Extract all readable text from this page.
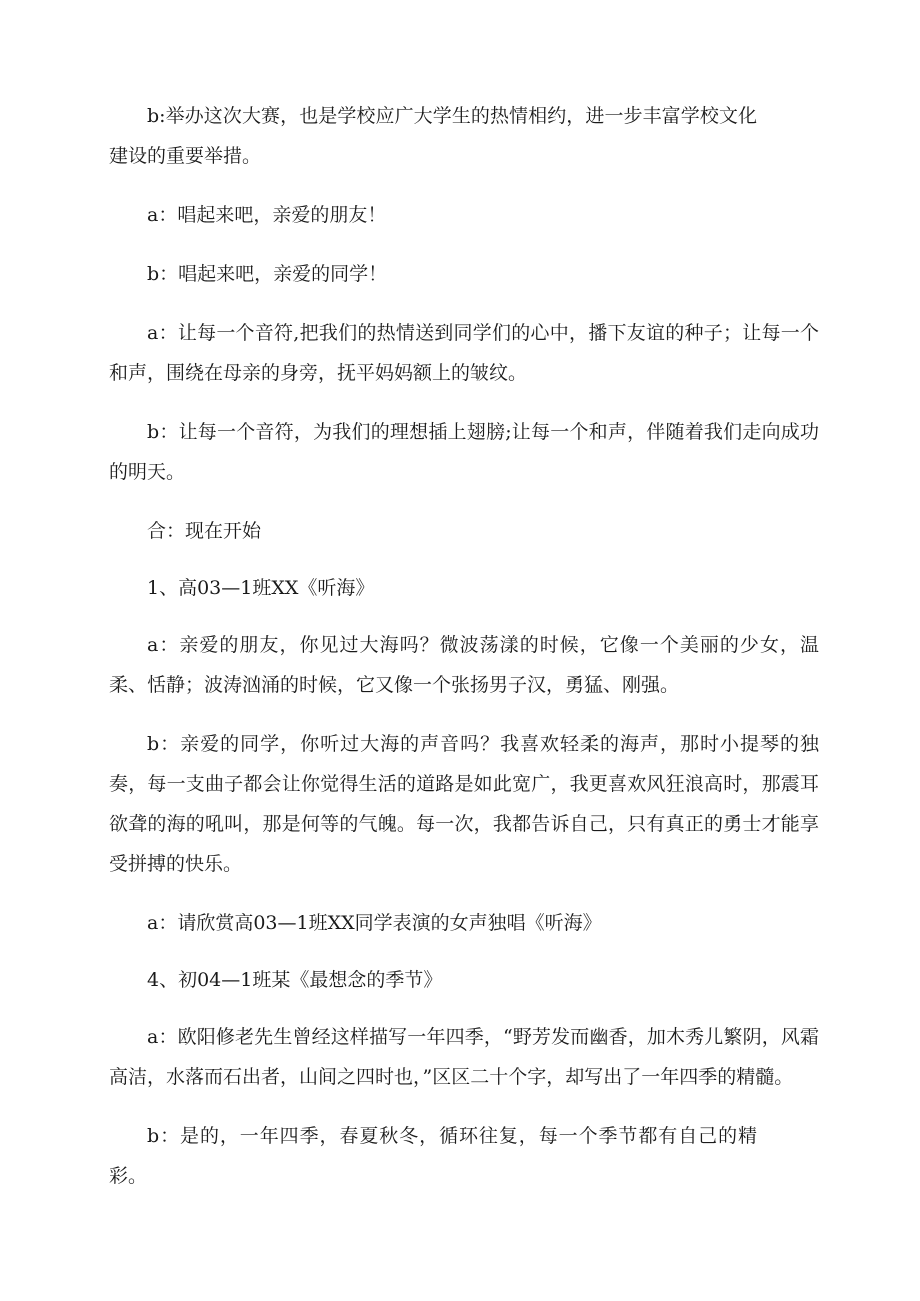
b:举办这次大赛，也是学校应广大学生的热情相约，进一步丰富学校文化建设的重要举措。

a：唱起来吧，亲爱的朋友！

b：唱起来吧，亲爱的同学！

a：让每一个音符,把我们的热情送到同学们的心中，播下友谊的种子；让每一个和声，围绕在母亲的身旁，抚平妈妈额上的皱纹。

b：让每一个音符，为我们的理想插上翅膀;让每一个和声，伴随着我们走向成功的明天。

合：现在开始

1、高03—1班XX《听海》

a：亲爱的朋友，你见过大海吗？微波荡漾的时候，它像一个美丽的少女，温柔、恬静；波涛汹涌的时候，它又像一个张扬男子汉，勇猛、刚强。

b：亲爱的同学，你听过大海的声音吗？我喜欢轻柔的海声，那时小提琴的独奏，每一支曲子都会让你觉得生活的道路是如此宽广，我更喜欢风狂浪高时，那震耳欲聋的海的吼叫，那是何等的气魄。每一次，我都告诉自己，只有真正的勇士才能享受拼搏的快乐。

a：请欣赏高03—1班XX同学表演的女声独唱《听海》

4、初04—1班某《最想念的季节》

a：欧阳修老先生曾经这样描写一年四季，“野芳发而幽香，加木秀儿繁阴，风霜高洁，水落而石出者，山间之四时也，”区区二十个字，却写出了一年四季的精髓。

b：是的，一年四季，春夏秋冬，循环往复，每一个季节都有自己的精彩。
